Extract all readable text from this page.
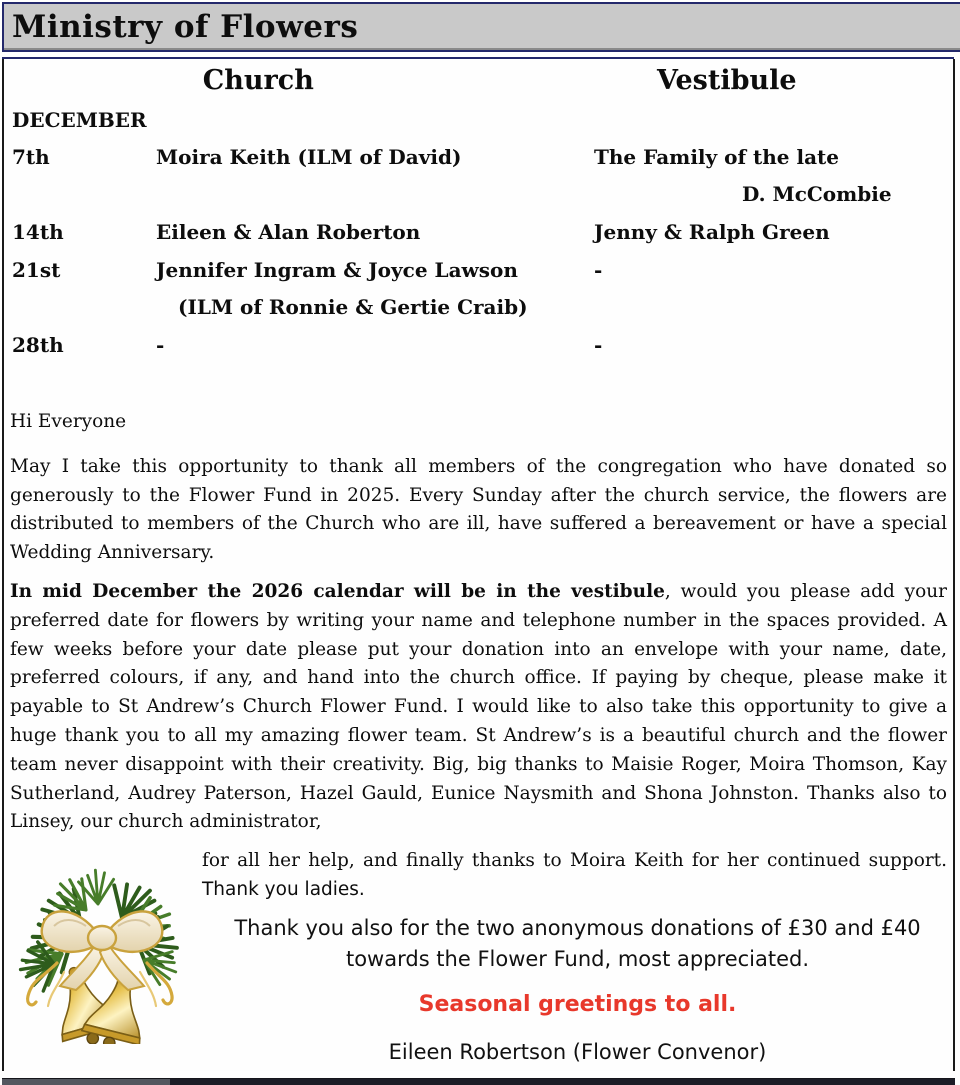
Ministry of Flowers
Church	Vestibule
DECEMBER
7th	Moira Keith (ILM of David)	The Family of the late
D. McCombie
14th	Eileen & Alan Roberton	Jenny & Ralph Green
21st	Jennifer Ingram & Joyce Lawson	-
(ILM of Ronnie & Gertie Craib)
28th	-	-

Hi Everyone

May I take this opportunity to thank all members of the congregation who have donated so generously to the Flower Fund in 2025. Every Sunday after the church service, the flowers are distributed to members of the Church who are ill, have suffered a bereavement or have a special Wedding Anniversary.

In mid December the 2026 calendar will be in the vestibule, would you please add your preferred date for flowers by writing your name and telephone number in the spaces provided. A few weeks before your date please put your donation into an envelope with your name, date, preferred colours, if any, and hand into the church office. If paying by cheque, please make it payable to St Andrew’s Church Flower Fund. I would like to also take this opportunity to give a huge thank you to all my amazing flower team. St Andrew’s is a beautiful church and the flower team never disappoint with their creativity. Big, big thanks to Maisie Roger, Moira Thomson, Kay Sutherland, Audrey Paterson, Hazel Gauld, Eunice Naysmith and Shona Johnston. Thanks also to Linsey, our church administrator,

for all her help, and finally thanks to Moira Keith for her continued support. Thank you ladies.
Thank you also for the two anonymous donations of £30 and £40
towards the Flower Fund, most appreciated.
Seasonal greetings to all.
Eileen Robertson (Flower Convenor)
